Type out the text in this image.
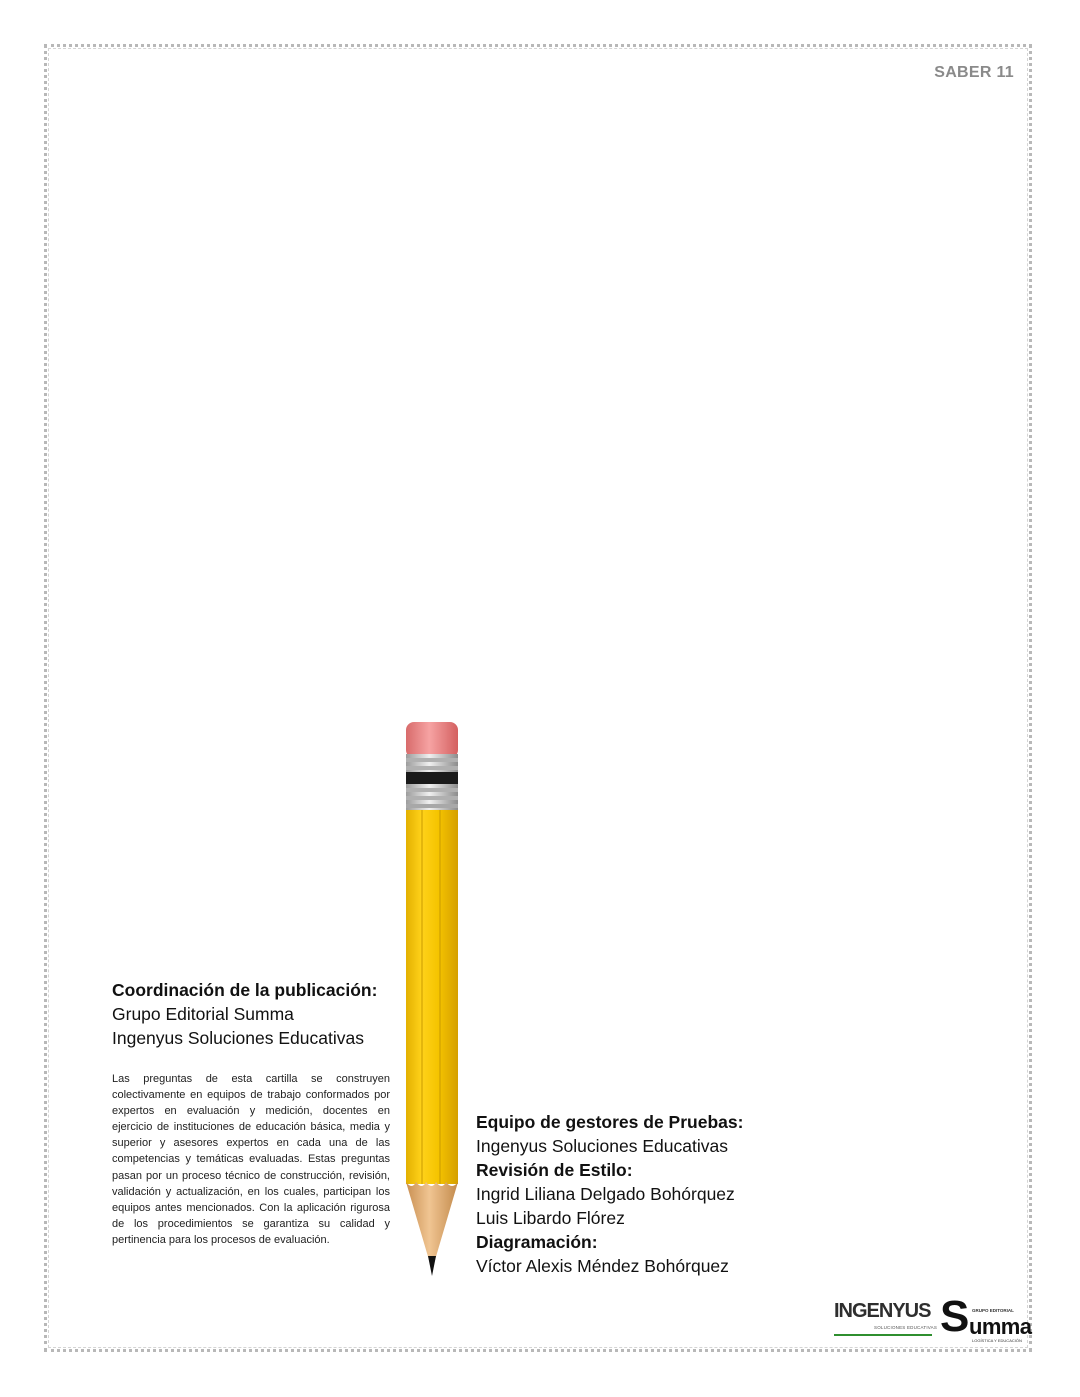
SABER 11
Coordinación de la publicación:
Grupo Editorial Summa
Ingenyus Soluciones Educativas
Las preguntas de esta cartilla se construyen colectivamente en equipos de trabajo conformados por expertos en evaluación y medición, docentes en ejercicio de instituciones de educación básica, media y superior y asesores expertos en cada una de las competencias y temáticas evaluadas. Estas preguntas pasan por un proceso técnico de construcción, revisión, validación y actualización, en los cuales, participan los equipos antes mencionados. Con la aplicación rigurosa de los procedimientos se garantiza su calidad y pertinencia para los procesos de evaluación.
Equipo de gestores de Pruebas:
Ingenyus Soluciones Educativas
Revisión de Estilo:
Ingrid Liliana Delgado Bohórquez
Luis Libardo Flórez
Diagramación:
Víctor Alexis Méndez Bohórquez
INGENYUS
SOLUCIONES EDUCATIVAS S GRUPO EDITORIAL
umma
LOGÍSTICA Y EDUCACIÓN
